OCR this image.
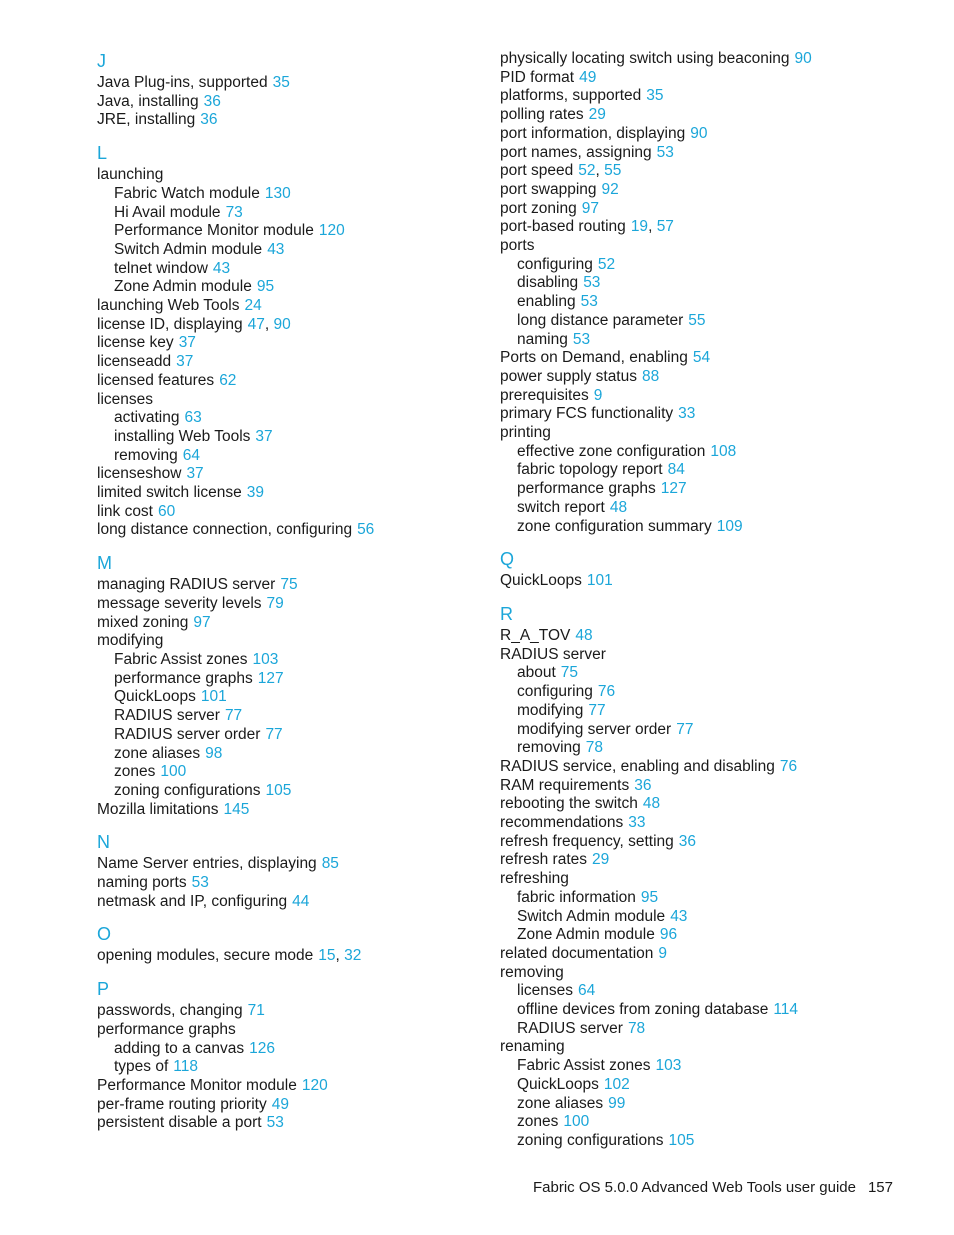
J
Java Plug-ins, supported 35
Java, installing 36
JRE, installing 36
L
launching
Fabric Watch module 130
Hi Avail module 73
Performance Monitor module 120
Switch Admin module 43
telnet window 43
Zone Admin module 95
launching Web Tools 24
license ID, displaying 47, 90
license key 37
licenseadd 37
licensed features 62
licenses
activating 63
installing Web Tools 37
removing 64
licenseshow 37
limited switch license 39
link cost 60
long distance connection, configuring 56
M
managing RADIUS server 75
message severity levels 79
mixed zoning 97
modifying
Fabric Assist zones 103
performance graphs 127
QuickLoops 101
RADIUS server 77
RADIUS server order 77
zone aliases 98
zones 100
zoning configurations 105
Mozilla limitations 145
N
Name Server entries, displaying 85
naming ports 53
netmask and IP, configuring 44
O
opening modules, secure mode 15, 32
P
passwords, changing 71
performance graphs
adding to a canvas 126
types of 118
Performance Monitor module 120
per-frame routing priority 49
persistent disable a port 53
physically locating switch using beaconing 90
PID format 49
platforms, supported 35
polling rates 29
port information, displaying 90
port names, assigning 53
port speed 52, 55
port swapping 92
port zoning 97
port-based routing 19, 57
ports
configuring 52
disabling 53
enabling 53
long distance parameter 55
naming 53
Ports on Demand, enabling 54
power supply status 88
prerequisites 9
primary FCS functionality 33
printing
effective zone configuration 108
fabric topology report 84
performance graphs 127
switch report 48
zone configuration summary 109
Q
QuickLoops 101
R
R_A_TOV 48
RADIUS server
about 75
configuring 76
modifying 77
modifying server order 77
removing 78
RADIUS service, enabling and disabling 76
RAM requirements 36
rebooting the switch 48
recommendations 33
refresh frequency, setting 36
refresh rates 29
refreshing
fabric information 95
Switch Admin module 43
Zone Admin module 96
related documentation 9
removing
licenses 64
offline devices from zoning database 114
RADIUS server 78
renaming
Fabric Assist zones 103
QuickLoops 102
zone aliases 99
zones 100
zoning configurations 105
Fabric OS 5.0.0 Advanced Web Tools user guide 157
